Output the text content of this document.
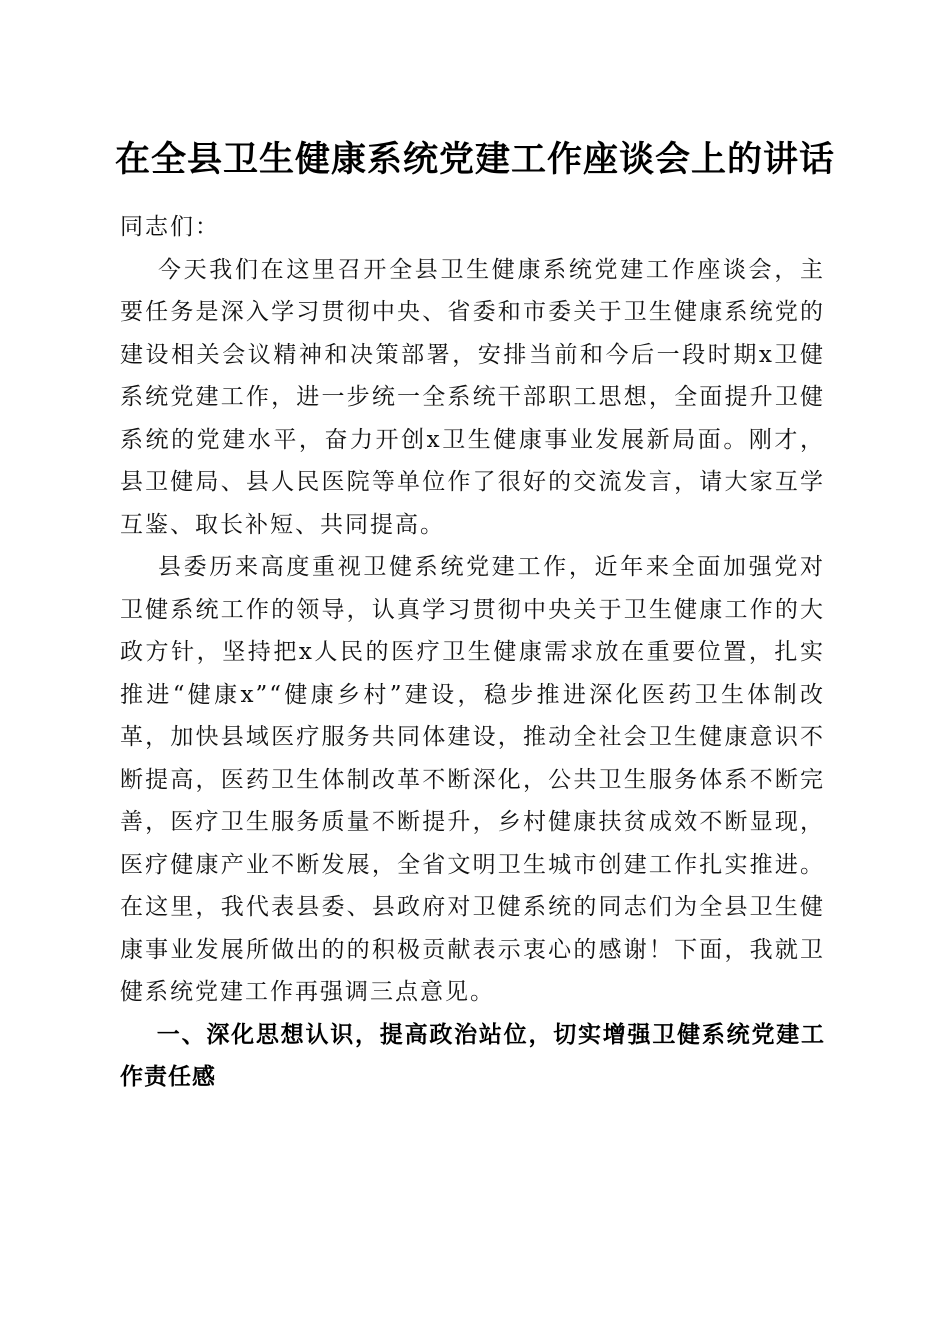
在全县卫生健康系统党建工作座谈会上的讲话

同志们：

今天我们在这里召开全县卫生健康系统党建工作座谈会，主要任务是深入学习贯彻中央、省委和市委关于卫生健康系统党的建设相关会议精神和决策部署，安排当前和今后一段时期x卫健系统党建工作，进一步统一全系统干部职工思想，全面提升卫健系统的党建水平，奋力开创x卫生健康事业发展新局面。刚才，县卫健局、县人民医院等单位作了很好的交流发言，请大家互学互鉴、取长补短、共同提高。

县委历来高度重视卫健系统党建工作，近年来全面加强党对卫健系统工作的领导，认真学习贯彻中央关于卫生健康工作的大政方针，坚持把x人民的医疗卫生健康需求放在重要位置，扎实推进“健康x”“健康乡村”建设，稳步推进深化医药卫生体制改革，加快县域医疗服务共同体建设，推动全社会卫生健康意识不断提高，医药卫生体制改革不断深化，公共卫生服务体系不断完善，医疗卫生服务质量不断提升，乡村健康扶贫成效不断显现，医疗健康产业不断发展，全省文明卫生城市创建工作扎实推进。在这里，我代表县委、县政府对卫健系统的同志们为全县卫生健康事业发展所做出的的积极贡献表示衷心的感谢！下面，我就卫健系统党建工作再强调三点意见。

一、深化思想认识，提高政治站位，切实增强卫健系统党建工作责任感
